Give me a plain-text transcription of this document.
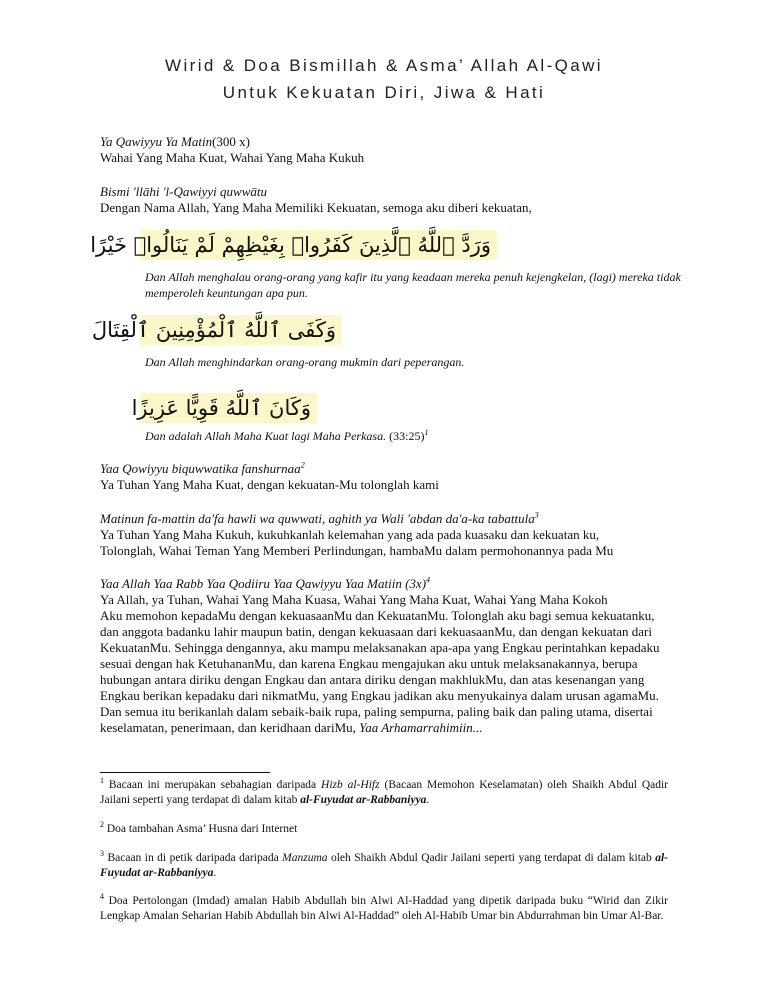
Wirid & Doa Bismillah & Asma’ Allah Al-Qawi
Untuk Kekuatan Diri, Jiwa & Hati
Ya Qawiyyu Ya Matin(300 x)
Wahai Yang Maha Kuat, Wahai Yang Maha Kukuh
Bismi 'llāhi 'l-Qawiyyi quwwātu
Dengan Nama Allah, Yang Maha Memiliki Kekuatan, semoga aku diberi kekuatan,
وَرَدَّ ٱللَّهُ ٱلَّذِينَ كَفَرُوا۟ بِغَيْظِهِمْ لَمْ يَنَالُوا۟ خَيْرًا
Dan Allah menghalau orang-orang yang kafir itu yang keadaan mereka penuh kejengkelan, (lagi) mereka tidak memperoleh keuntungan apa pun.
وَكَفَى ٱللَّهُ ٱلْمُؤْمِنِينَ ٱلْقِتَالَ
Dan Allah menghindarkan orang-orang mukmin dari peperangan.
وَكَانَ ٱللَّهُ قَوِيًّا عَزِيزًا
Dan adalah Allah Maha Kuat lagi Maha Perkasa. (33:25)$^1$
Yaa Qowiyyu biquwwatika fanshurnaa$^2$
Ya Tuhan Yang Maha Kuat, dengan kekuatan-Mu tolonglah kami
Matinun fa-mattin da'fa hawli wa quwwati, aghith ya Wali 'abdan da'a-ka tabattula$^3$
Ya Tuhan Yang Maha Kukuh, kukuhkanlah kelemahan yang ada pada kuasaku dan kekuatan ku,
Tolonglah, Wahai Teman Yang Memberi Perlindungan, hambaMu dalam permohonannya pada Mu
Yaa Allah Yaa Rabb Yaa Qodiiru Yaa Qawiyyu Yaa Matiin $(3x)^4$
Ya Allah, ya Tuhan, Wahai Yang Maha Kuasa, Wahai Yang Maha Kuat, Wahai Yang Maha Kokoh
Aku memohon kepadaMu dengan kekuasaanMu dan KekuatanMu. Tolonglah aku bagi semua kekuatanku, dan anggota badanku lahir maupun batin, dengan kekuasaan dari kekuasaanMu, dan dengan kekuatan dari KekuatanMu. Sehingga dengannya, aku mampu melaksanakan apa-apa yang Engkau perintahkan kepadaku sesuai dengan hak KetuhananMu, dan karena Engkau mengajukan aku untuk melaksanakannya, berupa hubungan antara diriku dengan Engkau dan antara diriku dengan makhlukMu, dan atas kesenangan yang Engkau berikan kepadaku dari nikmatMu, yang Engkau jadikan aku menyukainya dalam urusan agamaMu. Dan semua itu berikanlah dalam sebaik-baik rupa, paling sempurna, paling baik dan paling utama, disertai keselamatan, penerimaan, dan keridhaan dariMu, Yaa Arhamarrahimiin...
$^1$ Bacaan ini merupakan sebahagian daripada Hizb al-Hifz (Bacaan Memohon Keselamatan) oleh Shaikh Abdul Qadir Jailani seperti yang terdapat di dalam kitab al-Fuyudat ar-Rabbaniyya.
$^2$ Doa tambahan Asma’ Husna dari Internet
$^3$ Bacaan in di petik daripada daripada Manzuma oleh Shaikh Abdul Qadir Jailani seperti yang terdapat di dalam kitab al-Fuyudat ar-Rabbaniyya.
$^4$ Doa Pertolongan (Imdad) amalan Habib Abdullah bin Alwi Al-Haddad yang dipetik daripada buku “Wirid dan Zikir Lengkap Amalan Seharian Habib Abdullah bin Alwi Al-Haddad” oleh Al-Habib Umar bin Abdurrahman bin Umar Al-Bar.
